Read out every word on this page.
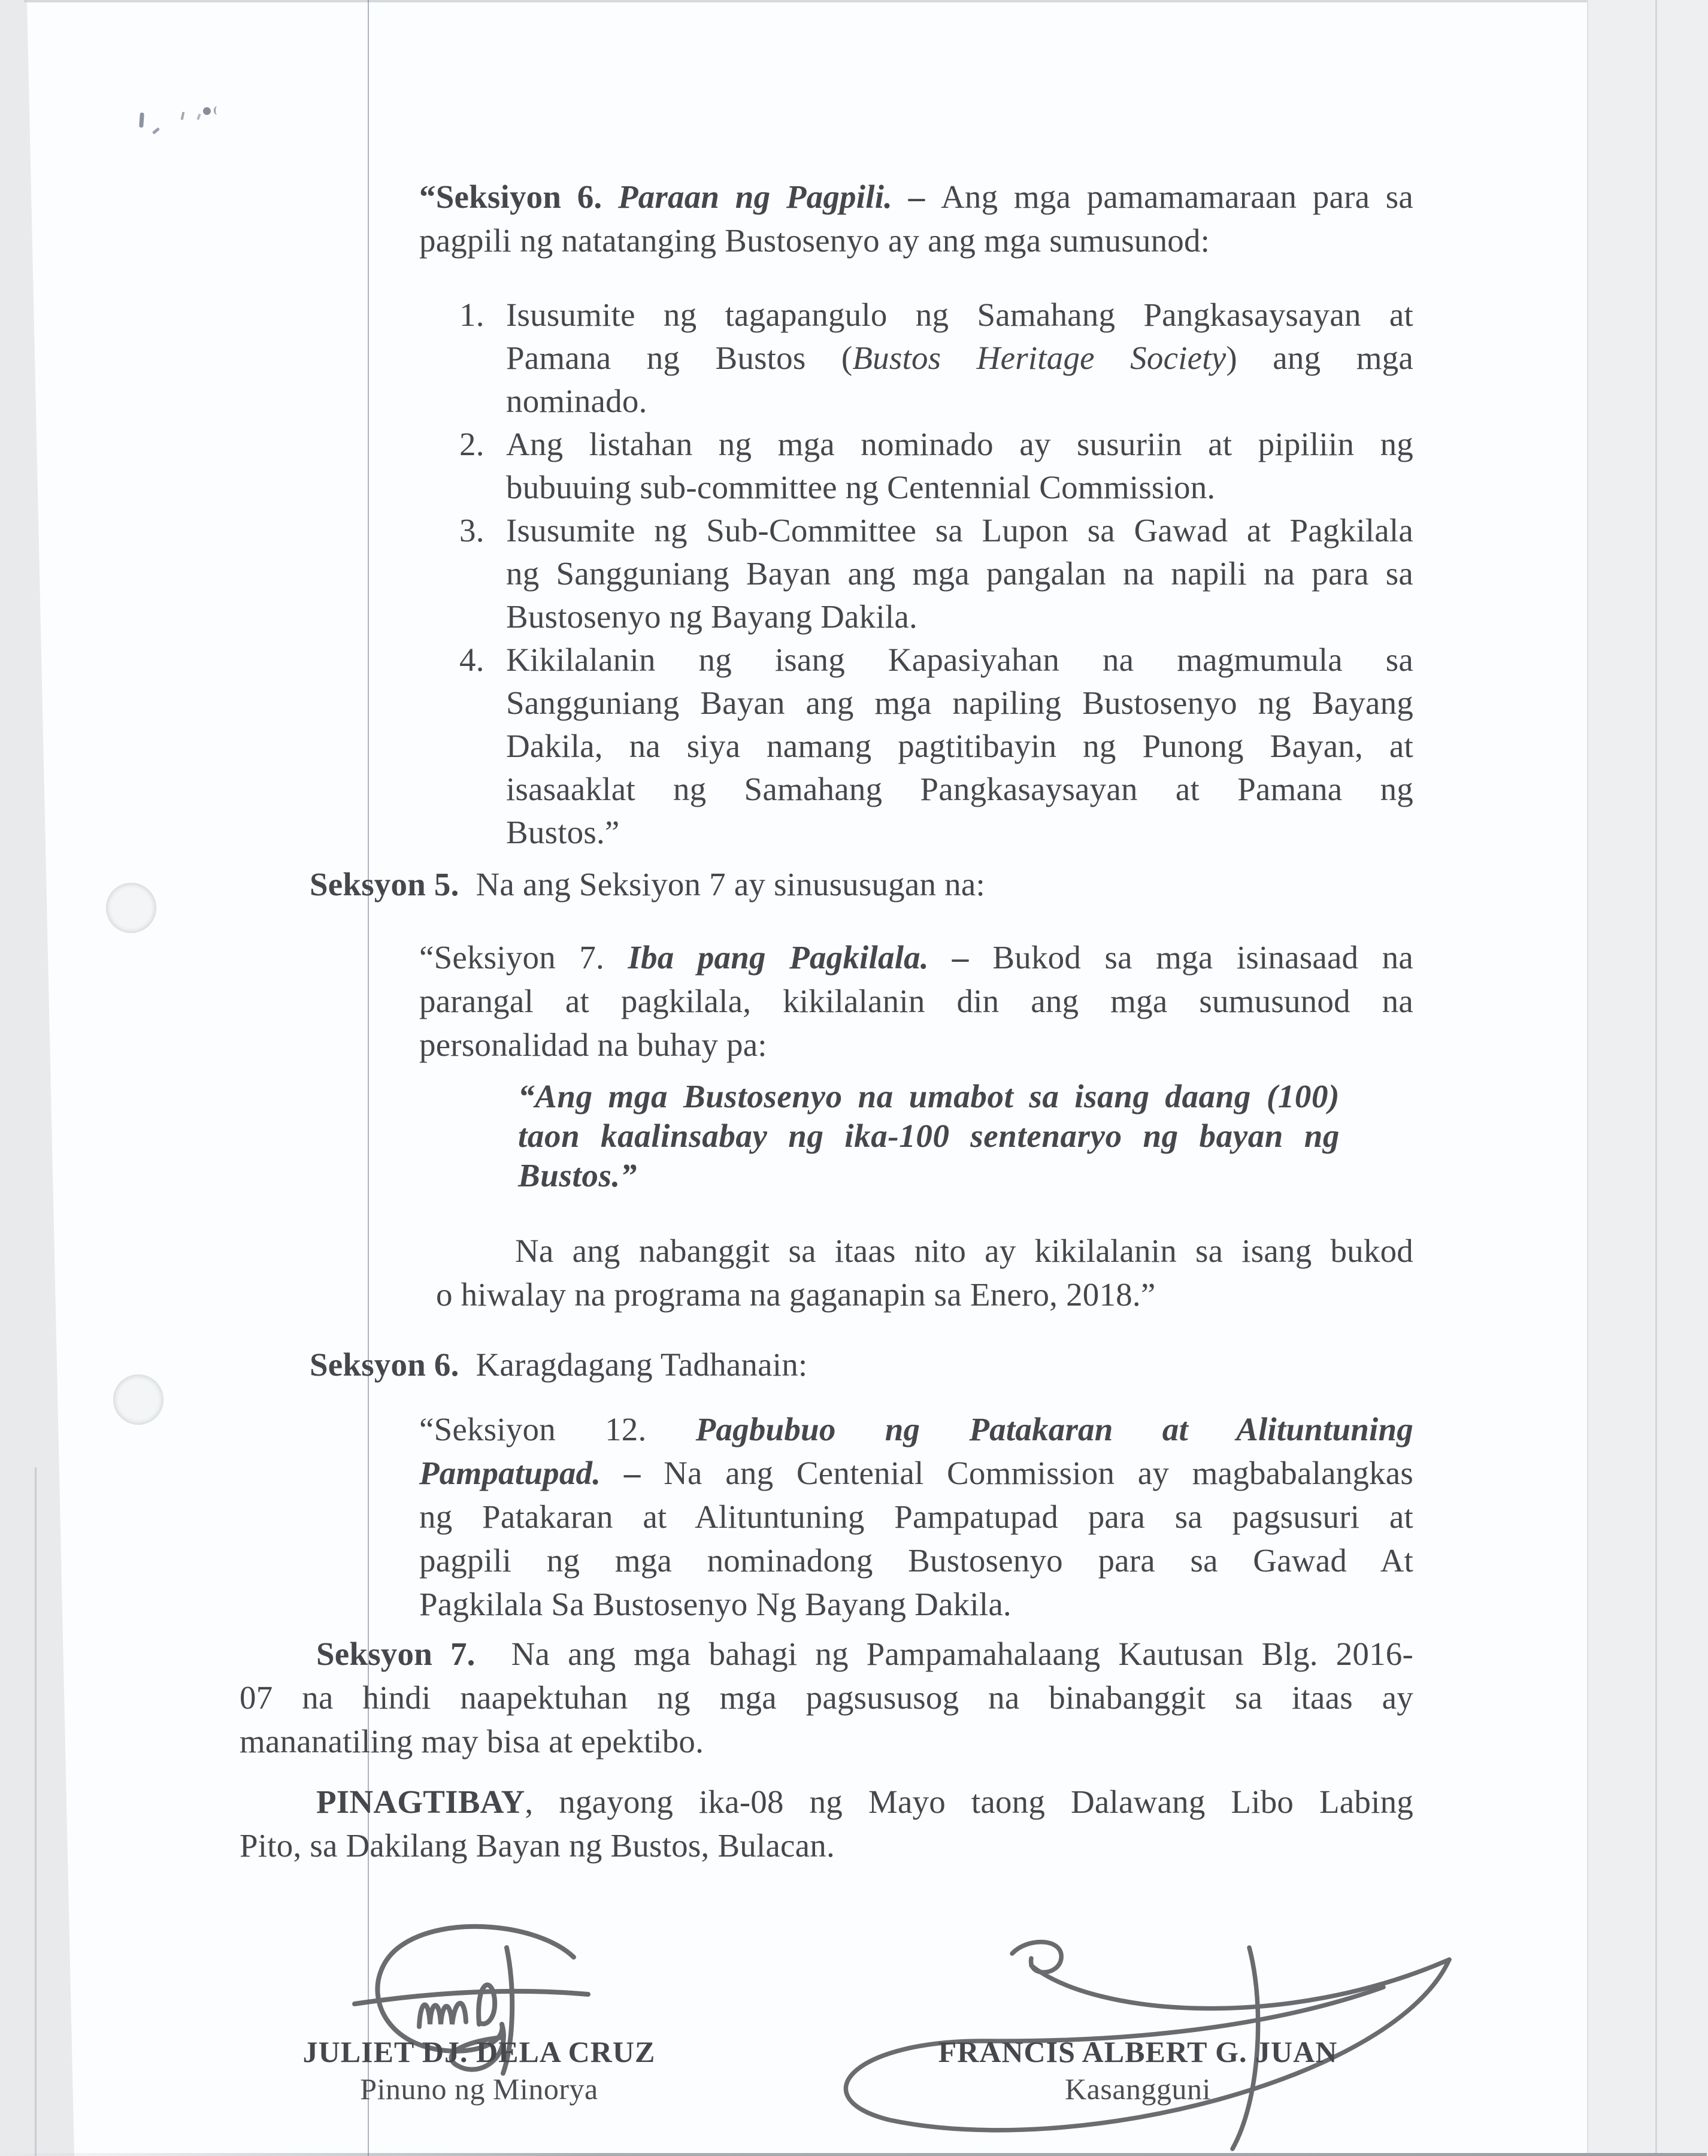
“Seksiyon 6. Paraan ng Pagpili. – Ang mga pamamamaraan para sa
pagpili ng natatanging Bustosenyo ay ang mga sumusunod:
1. Isusumite ng tagapangulo ng Samahang Pangkasaysayan at
Pamana ng Bustos (Bustos Heritage Society) ang mga
nominado.
2. Ang listahan ng mga nominado ay susuriin at pipiliin ng
bubuuing sub-committee ng Centennial Commission.
3. Isusumite ng Sub-Committee sa Lupon sa Gawad at Pagkilala
ng Sangguniang Bayan ang mga pangalan na napili na para sa
Bustosenyo ng Bayang Dakila.
4. Kikilalanin ng isang Kapasiyahan na magmumula sa
Sangguniang Bayan ang mga napiling Bustosenyo ng Bayang
Dakila, na siya namang pagtitibayin ng Punong Bayan, at
isasaaklat ng Samahang Pangkasaysayan at Pamana ng
Bustos.”
Seksyon 5.  Na ang Seksiyon 7 ay sinususugan na:
“Seksiyon 7. Iba pang Pagkilala. – Bukod sa mga isinasaad na
parangal at pagkilala, kikilalanin din ang mga sumusunod na
personalidad na buhay pa:
“Ang mga Bustosenyo na umabot sa isang daang (100)
taon kaalinsabay ng ika-100 sentenaryo ng bayan ng
Bustos.”
Na ang nabanggit sa itaas nito ay kikilalanin sa isang bukod
o hiwalay na programa na gaganapin sa Enero, 2018.”
Seksyon 6.  Karagdagang Tadhanain:
“Seksiyon 12. Pagbubuo ng Patakaran at Alituntuning
Pampatupad. – Na ang Centenial Commission ay magbabalangkas
ng Patakaran at Alituntuning Pampatupad para sa pagsusuri at
pagpili ng mga nominadong Bustosenyo para sa Gawad At
Pagkilala Sa Bustosenyo Ng Bayang Dakila.
Seksyon 7.  Na ang mga bahagi ng Pampamahalaang Kautusan Blg. 2016-
07 na hindi naapektuhan ng mga pagsususog na binabanggit sa itaas ay
mananatiling may bisa at epektibo.
PINAGTIBAY, ngayong ika-08 ng Mayo taong Dalawang Libo Labing
Pito, sa Dakilang Bayan ng Bustos, Bulacan.
JULIET DJ. DELA CRUZ
Pinuno ng Minorya
FRANCIS ALBERT G. JUAN
Kasangguni
